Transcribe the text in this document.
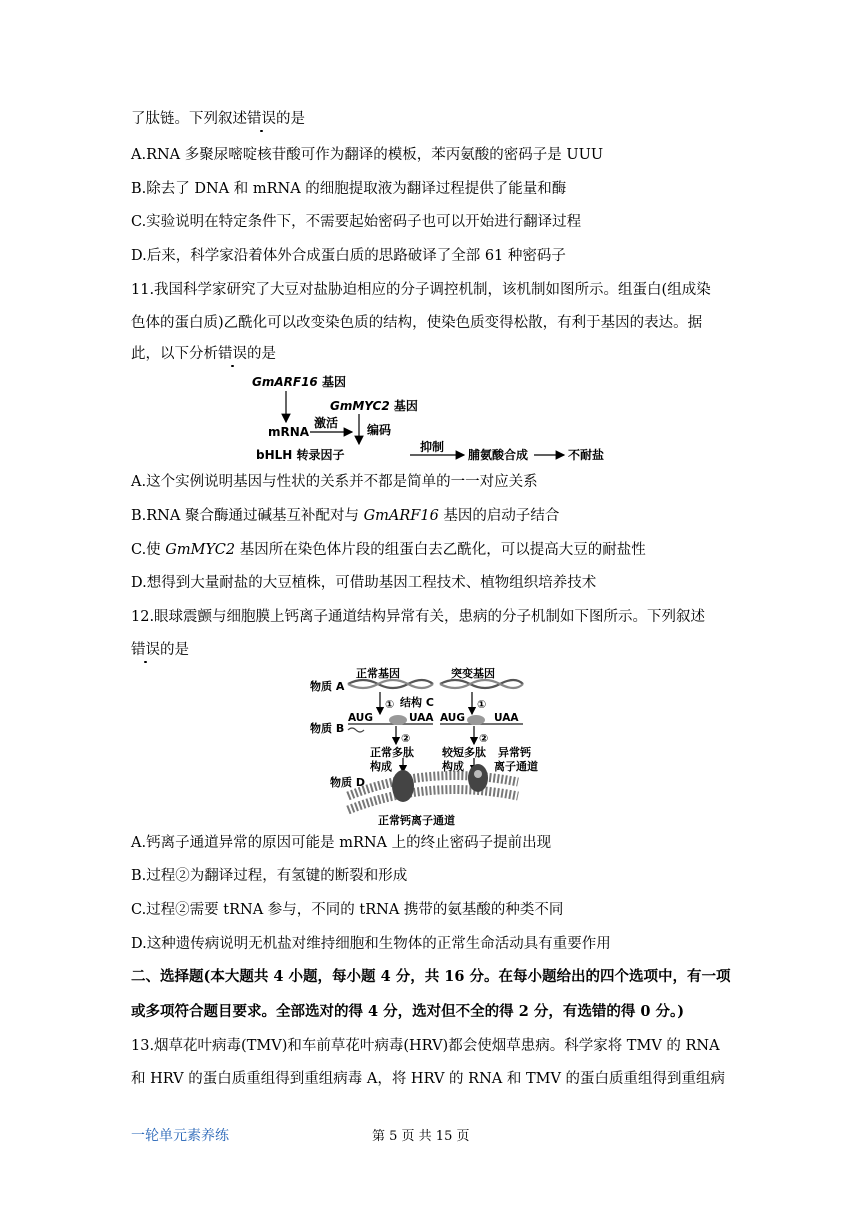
了肽链。下列叙述错误的是
A.RNA 多聚尿嘧啶核苷酸可作为翻译的模板，苯丙氨酸的密码子是 UUU
B.除去了 DNA 和 mRNA 的细胞提取液为翻译过程提供了能量和酶
C.实验说明在特定条件下，不需要起始密码子也可以开始进行翻译过程
D.后来，科学家沿着体外合成蛋白质的思路破译了全部 61 种密码子
11.我国科学家研究了大豆对盐胁迫相应的分子调控机制，该机制如图所示。组蛋白(组成染
色体的蛋白质)乙酰化可以改变染色质的结构，使染色质变得松散，有利于基因的表达。据
此，以下分析错误的是
GmARF16 基因
mRNA
激活
GmMYC2 基因
编码
bHLH 转录因子
抑制
脯氨酸合成	不耐盐
A.这个实例说明基因与性状的关系并不都是简单的一一对应关系
B.RNA 聚合酶通过碱基互补配对与 GmARF16 基因的启动子结合
C.使 GmMYC2 基因所在染色体片段的组蛋白去乙酰化，可以提高大豆的耐盐性
D.想得到大量耐盐的大豆植株，可借助基因工程技术、植物组织培养技术
12.眼球震颤与细胞膜上钙离子通道结构异常有关，患病的分子机制如下图所示。下列叙述
错误的是
正常基因	突变基因
物质 A
① 结构 C	①
AUG	UAA AUG	UAA
物质 B
②	②
正常多肽	较短多肽
构成	构成
异常钙
离子通道
物质 D
正常钙离子通道
A.钙离子通道异常的原因可能是 mRNA 上的终止密码子提前出现
B.过程②为翻译过程，有氢键的断裂和形成
C.过程②需要 tRNA 参与，不同的 tRNA 携带的氨基酸的种类不同
D.这种遗传病说明无机盐对维持细胞和生物体的正常生命活动具有重要作用
二、选择题(本大题共 4 小题，每小题 4 分，共 16 分。在每小题给出的四个选项中，有一项
或多项符合题目要求。全部选对的得 4 分，选对但不全的得 2 分，有选错的得 0 分。)
13.烟草花叶病毒(TMV)和车前草花叶病毒(HRV)都会使烟草患病。科学家将 TMV 的 RNA
和 HRV 的蛋白质重组得到重组病毒 A，将 HRV 的 RNA 和 TMV 的蛋白质重组得到重组病
一轮单元素养练	第 5 页 共 15 页
